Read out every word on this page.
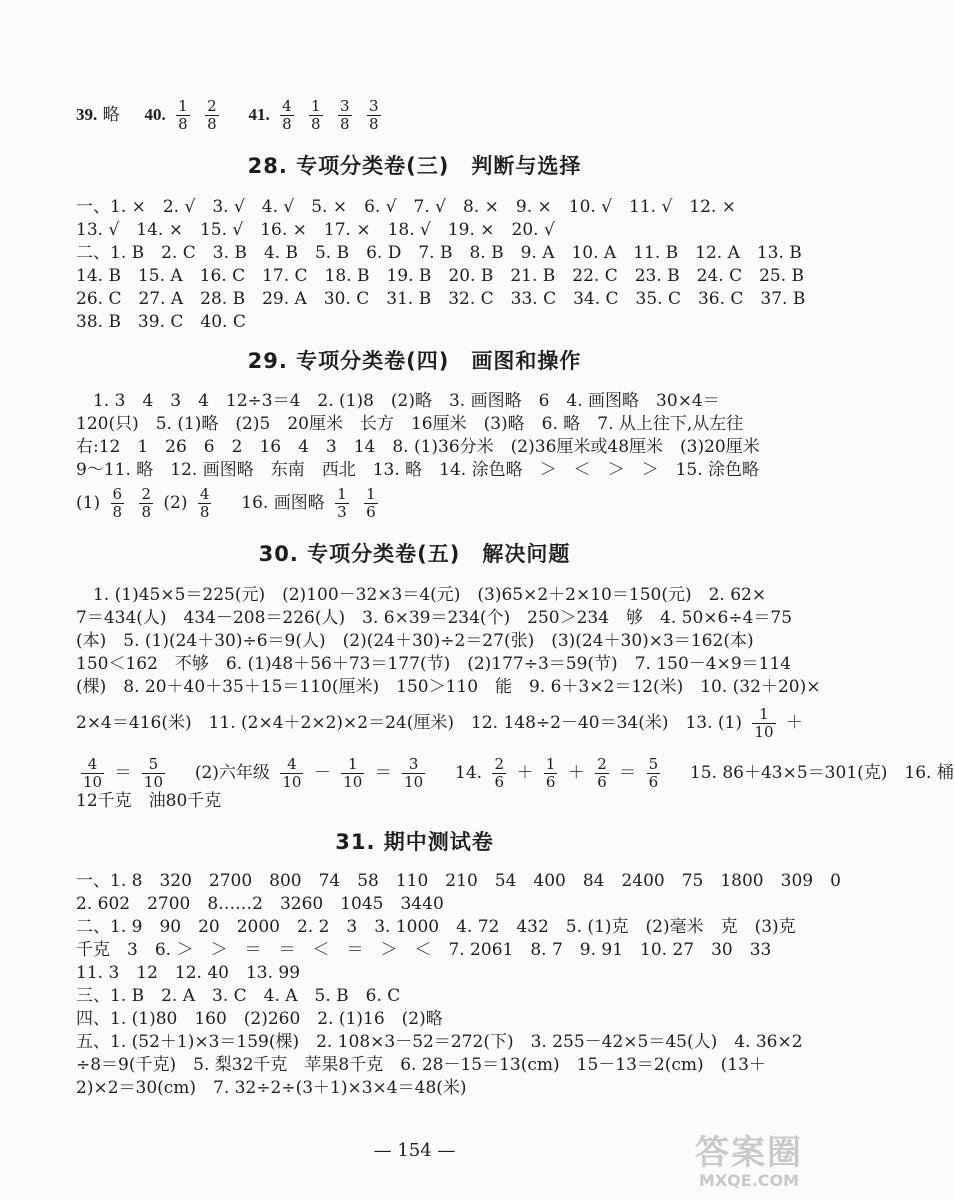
39. 略 40. $\frac{1}{8}$
$\frac{2}{8} 41$. $\frac{4}{8}$
$\frac{1}{8}$
$\frac{3}{8}$
$\frac{3}{8}$
28. 专项分类卷(三)　判断与选择
一、1. ×　2. √　3. √　4. √　5. ×　6. √　7. √　8. ×　9. ×　10. √　11. √　12. ×
13. √　14. ×　15. √　16. ×　17. ×　18. √　19. ×　20. √
二、1. B　2. C　3. B　4. B　5. B　6. D　7. B　8. B　9. A　10. A　11. B　12. A　13. B
14. B　15. A　16. C　17. C　18. B　19. B　20. B　21. B　22. C　23. B　24. C　25. B
26. C　27. A　28. B　29. A　30. C　31. B　32. C　33. C　34. C　35. C　36. C　37. B
38. B　39. C　40. C
29. 专项分类卷(四)　画图和操作
　1. 3　4　3　4　12÷3＝4　2. (1)8　(2)略　3. 画图略　6　4. 画图略　30×4＝
120(只)　5. (1)略　(2)5　20厘米　长方　16厘米　(3)略　6. 略　7. 从上往下,从左往
右:12　1　26　6　2　16　4　3　14　8. (1)36分米　(2)36厘米或48厘米　(3)20厘米
9～11. 略　12. 画图略　东南　西北　13. 略　14. 涂色略　＞　＜　＞　＞　15. 涂色略
$(1) \frac{6}{8}$
$\frac{2}{8} (2) \frac{4}{8} 16$. 画图略 $\frac{1}{3}$
$\frac{1}{6}$
30. 专项分类卷(五)　解决问题
　1. (1)45×5＝225(元)　(2)100－32×3＝4(元)　(3)65×2＋2×10＝150(元)　2. 62×
7＝434(人)　434－208＝226(人)　3. 6×39＝234(个)　250＞234　够　4. 50×6÷4＝75
(本)　5. (1)(24＋30)÷6＝9(人)　(2)(24＋30)÷2＝27(张)　(3)(24＋30)×3＝162(本)
150＜162　不够　6. (1)48＋56＋73＝177(节)　(2)177÷3＝59(节)　7. 150－4×9＝114
(棵)　8. 20＋40＋35＋15＝110(厘米)　150＞110　能　9. 6＋3×2＝12(米)　10. (32＋20)×
2×4＝416(米)　11. (2×4＋2×2)×2＝24(厘米)　12. 148÷2－40＝34(米)　13. $(1) \frac{1}{10}$ ＋
$\frac{4}{10} = \frac{5}{10} (2)$六年级 $\frac{4}{10} - \frac{1}{10} = \frac{3}{10} 14$. $\frac{2}{6} + \frac{1}{6} + \frac{2}{6} = \frac{5}{6} 15$. 86＋43×5＝301(克)　16. 桶
12千克　油80千克
31. 期中测试卷
一、1. 8　320　2700　800　74　58　110　210　54　400　84　2400　75　1800　309　0
2. 602　2700　8……2　3260　1045　3440
二、1. 9　90　20　2000　2. 2　3　3. 1000　4. 72　432　5. (1)克　(2)毫米　克　(3)克
千克　3　6. ＞　＞　＝　＝　＜　＝　＞　＜　7. 2061　8. 7　9. 91　10. 27　30　33
11. 3　12　12. 40　13. 99
三、1. B　2. A　3. C　4. A　5. B　6. C
四、1. (1)80　160　(2)260　2. (1)16　(2)略
五、1. (52＋1)×3＝159(棵)　2. 108×3－52＝272(下)　3. 255－42×5＝45(人)　4. 36×2
÷8＝9(千克)　5. 梨32千克　苹果8千克　6. 28－15＝13(cm)　15－13＝2(cm)　(13＋
2)×2＝30(cm)　7. 32÷2÷(3＋1)×3×4＝48(米)
— 154 —	答案圈
MXQE.COM
